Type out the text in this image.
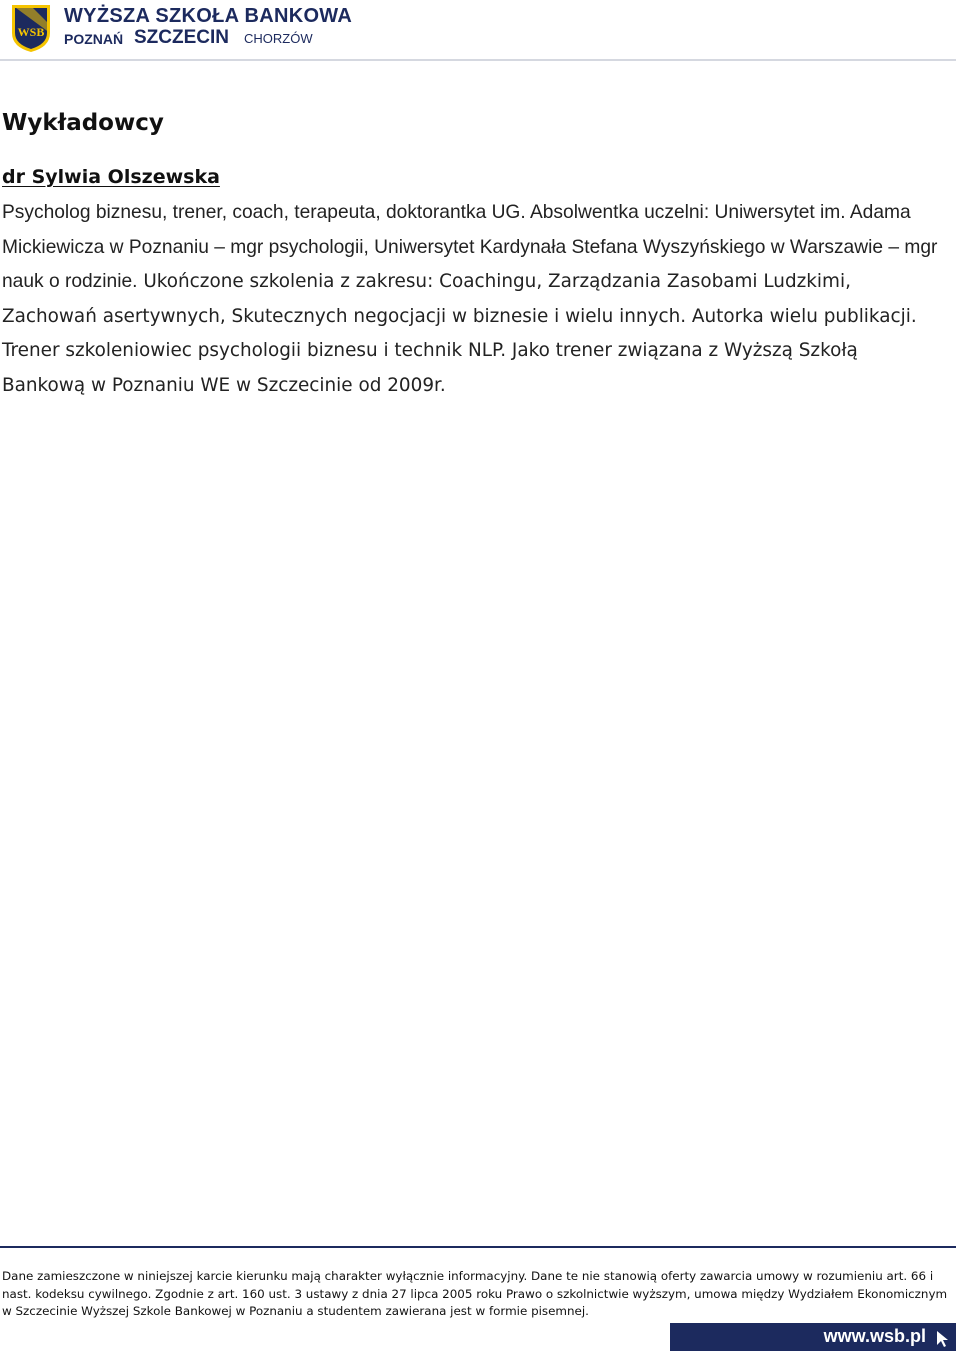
WSB
WYŻSZA SZKOŁA BANKOWA
POZNAŃ SZCZECIN CHORZÓW
Wykładowcy
dr Sylwia Olszewska

Psycholog biznesu, trener, coach, terapeuta, doktorantka UG. Absolwentka uczelni: Uniwersytet im. Adama Mickiewicza w Poznaniu – mgr psychologii, Uniwersytet Kardynała Stefana Wyszyńskiego w Warszawie – mgr nauk o rodzinie. Ukończone szkolenia z zakresu: Coachingu, Zarządzania Zasobami Ludzkimi, Zachowań asertywnych, Skutecznych negocjacji w biznesie i wielu innych. Autorka wielu publikacji. Trener szkoleniowiec psychologii biznesu i technik NLP. Jako trener związana z Wyższą Szkołą Bankową w Poznaniu WE w Szczecinie od 2009r.

Dane zamieszczone w niniejszej karcie kierunku mają charakter wyłącznie informacyjny. Dane te nie stanowią oferty zawarcia umowy w rozumieniu art. 66 i nast. kodeksu cywilnego. Zgodnie z art. 160 ust. 3 ustawy z dnia 27 lipca 2005 roku Prawo o szkolnictwie wyższym, umowa między Wydziałem Ekonomicznym w Szczecinie Wyższej Szkole Bankowej w Poznaniu a studentem zawierana jest w formie pisemnej.
www.wsb.pl
